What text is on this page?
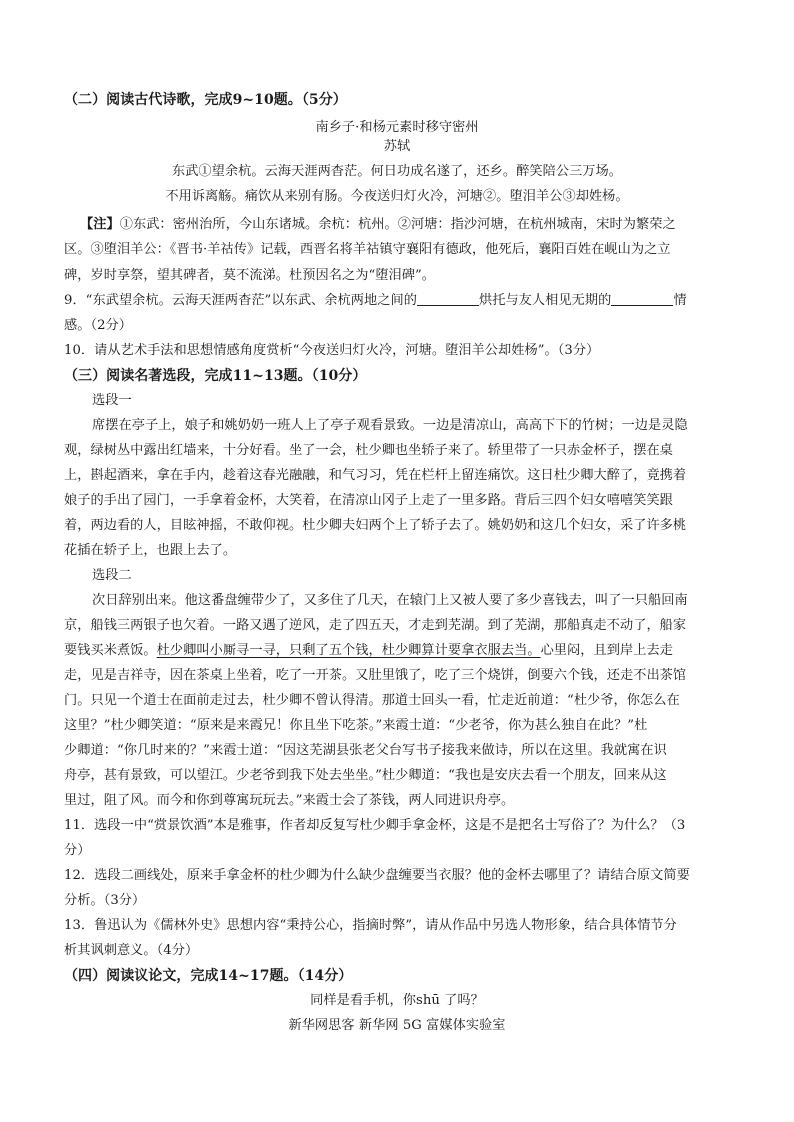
（二）阅读古代诗歌，完成9~10题。（5分）
南乡子·和杨元素时移守密州
苏轼
东武①望余杭。云海天涯两杳茫。何日功成名遂了，还乡。醉笑陪公三万场。
不用诉离觞。痛饮从来别有肠。今夜送归灯火冷，河塘②。堕泪羊公③却姓杨。
【注】①东武：密州治所，今山东诸城。余杭：杭州。②河塘：指沙河塘，在杭州城南，宋时为繁荣之
区。③堕泪羊公：《晋书·羊祜传》记载，西晋名将羊祜镇守襄阳有德政，他死后，襄阳百姓在岘山为之立
碑，岁时享祭，望其碑者，莫不流涕。杜预因名之为“堕泪碑”。
9．“东武望余杭。云海天涯两杳茫”以东武、余杭两地之间的	烘托与友人相见无期的	情
感。（2分）
10．请从艺术手法和思想情感角度赏析“今夜送归灯火冷，河塘。堕泪羊公却姓杨”。（3分）
（三）阅读名著选段，完成11~13题。（10分）
选段一
席摆在亭子上，娘子和姚奶奶一班人上了亭子观看景致。一边是清凉山，高高下下的竹树；一边是灵隐
观，绿树丛中露出红墙来，十分好看。坐了一会，杜少卿也坐轿子来了。轿里带了一只赤金杯子，摆在桌
上，斟起酒来，拿在手内，趁着这春光融融，和气习习，凭在栏杆上留连痛饮。这日杜少卿大醉了，竟携着
娘子的手出了园门，一手拿着金杯，大笑着，在清凉山冈子上走了一里多路。背后三四个妇女嘻嘻笑笑跟
着，两边看的人，目眩神摇，不敢仰视。杜少卿夫妇两个上了轿子去了。姚奶奶和这几个妇女，采了许多桃
花插在轿子上，也跟上去了。
选段二
次日辞别出来。他这番盘缠带少了，又多住了几天，在辕门上又被人要了多少喜钱去，叫了一只船回南
京，船钱三两银子也欠着。一路又遇了逆风，走了四五天，才走到芜湖。到了芜湖，那船真走不动了，船家
要钱买米煮饭。杜少卿叫小厮寻一寻，只剩了五个钱，杜少卿算计要拿衣服去当。心里闷，且到岸上去走
走，见是吉祥寺，因在茶桌上坐着，吃了一开茶。又肚里饿了，吃了三个烧饼，倒要六个钱，还走不出茶馆
门。只见一个道士在面前走过去，杜少卿不曾认得清。那道士回头一看，忙走近前道：“杜少爷，你怎么在
这里？”杜少卿笑道：“原来是来霞兄！你且坐下吃茶。”来霞士道：“少老爷，你为甚么独自在此？”杜
少卿道：“你几时来的？”来霞士道：“因这芜湖县张老父台写书子接我来做诗，所以在这里。我就寓在识
舟亭，甚有景致，可以望江。少老爷到我下处去坐坐。”杜少卿道：“我也是安庆去看一个朋友，回来从这
里过，阻了风。而今和你到尊寓玩玩去。”来霞士会了茶钱，两人同进识舟亭。
11．选段一中“赏景饮酒”本是雅事，作者却反复写杜少卿手拿金杯，这是不是把名士写俗了？为什么？（3
分）
12．选段二画线处，原来手拿金杯的杜少卿为什么缺少盘缠要当衣服？他的金杯去哪里了？请结合原文简要
分析。（3分）
13．鲁迅认为《儒林外史》思想内容“秉持公心，指摘时弊”，请从作品中另选人物形象，结合具体情节分
析其讽刺意义。（4分）
（四）阅读议论文，完成14~17题。（14分）
同样是看手机，你shū 了吗？
新华网思客 新华网 5G 富媒体实验室
